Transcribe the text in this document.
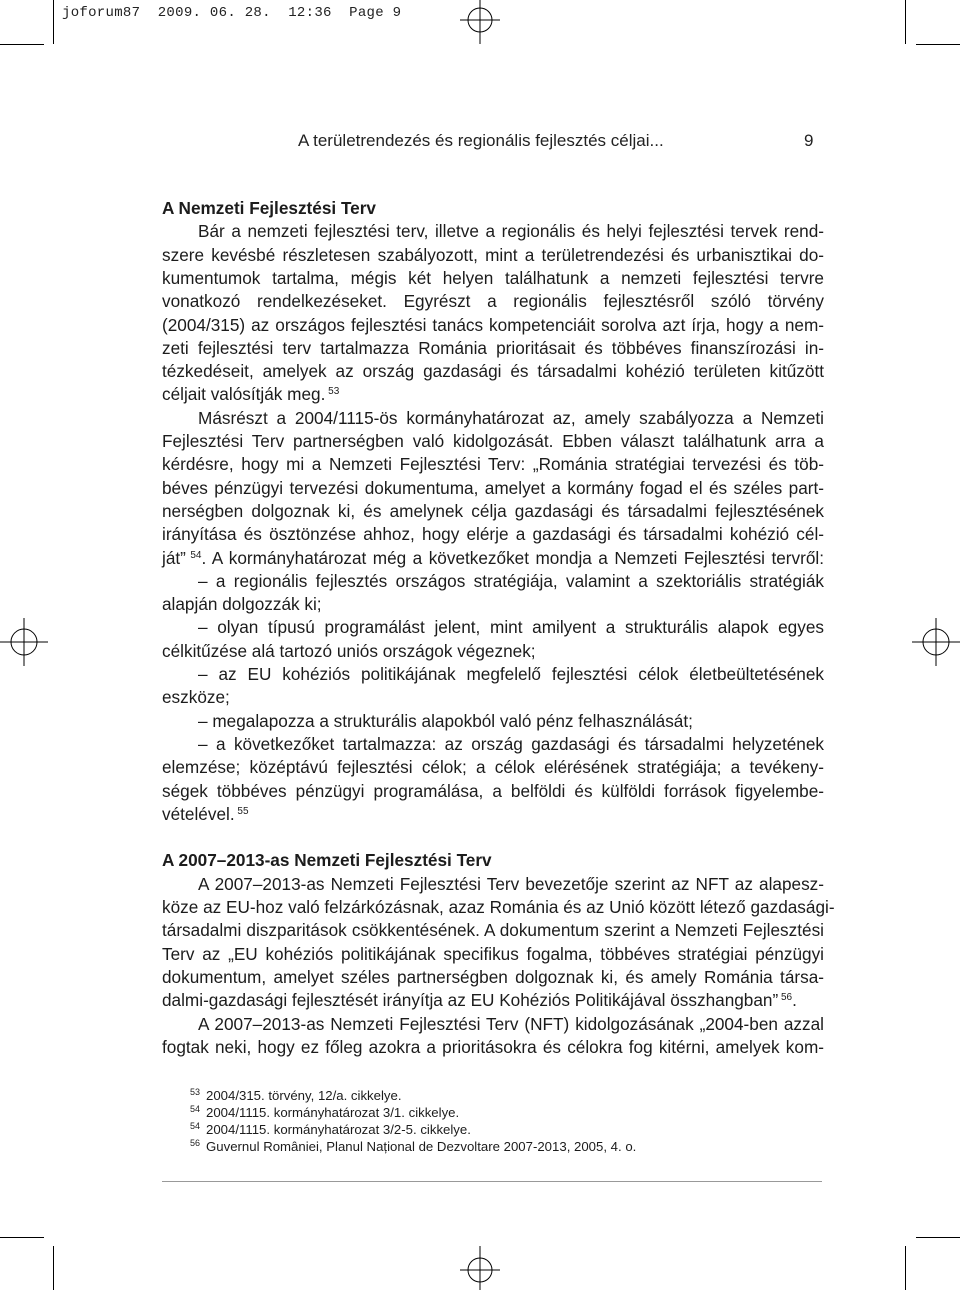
joforum87  2009. 06. 28.  12:36  Page 9
A területrendezés és regionális fejlesztés céljai...	9
A Nemzeti Fejlesztési Terv
Bár a nemzeti fejlesztési terv, illetve a regionális és helyi fejlesztési tervek rend-
szere kevésbé részletesen szabályozott, mint a területrendezési és urbanisztikai do-
kumentumok tartalma, mégis két helyen találhatunk a nemzeti fejlesztési tervre
vonatkozó rendelkezéseket. Egyrészt a regionális fejlesztésről szóló törvény
(2004/315) az országos fejlesztési tanács kompetenciáit sorolva azt írja, hogy a nem-
zeti fejlesztési terv tartalmazza Románia prioritásait és többéves finanszírozási in-
tézkedéseit, amelyek az ország gazdasági és társadalmi kohézió területen kitűzött
céljait valósítják meg. $^{53}$
Másrészt a 2004/1115-ös kormányhatározat az, amely szabályozza a Nemzeti
Fejlesztési Terv partnerségben való kidolgozását. Ebben választ találhatunk arra a
kérdésre, hogy mi a Nemzeti Fejlesztési Terv: „Románia stratégiai tervezési és töb-
béves pénzügyi tervezési dokumentuma, amelyet a kormány fogad el és széles part-
nerségben dolgoznak ki, és amelynek célja gazdasági és társadalmi fejlesztésének
irányítása és ösztönzése ahhoz, hogy elérje a gazdasági és társadalmi kohézió cél-
ját” $^{54}$. A kormányhatározat még a következőket mondja a Nemzeti Fejlesztési tervről:
– a regionális fejlesztés országos stratégiája, valamint a szektoriális stratégiák
alapján dolgozzák ki;
– olyan típusú programálást jelent, mint amilyent a strukturális alapok egyes
célkitűzése alá tartozó uniós országok végeznek;
– az EU kohéziós politikájának megfelelő fejlesztési célok életbeültetésének
eszköze;
– megalapozza a strukturális alapokból való pénz felhasználását;
– a következőket tartalmazza: az ország gazdasági és társadalmi helyzetének
elemzése; középtávú fejlesztési célok; a célok elérésének stratégiája; a tevékeny-
ségek többéves pénzügyi programálása, a belföldi és külföldi források figyelembe-
vételével. $^{55}$
A 2007–2013-as Nemzeti Fejlesztési Terv
A 2007–2013-as Nemzeti Fejlesztési Terv bevezetője szerint az NFT az alapesz-
köze az EU-hoz való felzárkózásnak, azaz Románia és az Unió között létező gazdasági-
társadalmi diszparitások csökkentésének. A dokumentum szerint a Nemzeti Fejlesztési
Terv az „EU kohéziós politikájának specifikus fogalma, többéves stratégiai pénzügyi
dokumentum, amelyet széles partnerségben dolgoznak ki, és amely Románia társa-
dalmi-gazdasági fejlesztését irányítja az EU Kohéziós Politikájával összhangban” $^{56}$.
A 2007–2013-as Nemzeti Fejlesztési Terv (NFT) kidolgozásának „2004-ben azzal
fogtak neki, hogy ez főleg azokra a prioritásokra és célokra fog kitérni, amelyek kom-
$^{53}$ 2004/315. törvény, 12/a. cikkelye.
$^{54}$ 2004/1115. kormányhatározat 3/1. cikkelye.
$^{54}$ 2004/1115. kormányhatározat 3/2-5. cikkelye.
$^{56}$ Guvernul României, Planul Național de Dezvoltare 2007-2013, 2005, 4. o.
